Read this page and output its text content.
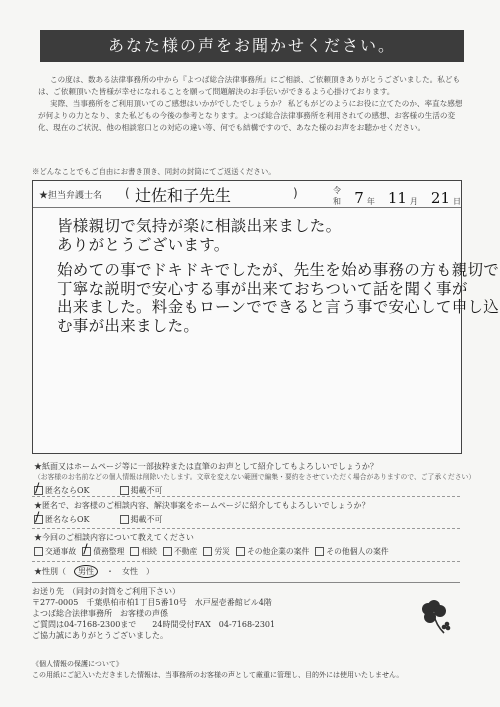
あなた様の声をお聞かせください。

この度は、数ある法律事務所の中から『よつば総合法律事務所』にご相談、ご依頼頂きありがとうございました。私どもは、ご依頼頂いた皆様が幸せになれることを願って問題解決のお手伝いができるよう心掛けております。

実際、当事務所をご利用頂いてのご感想はいかがでしたでしょうか？ 私どもがどのようにお役に立てたのか、率直な感想が何よりの力となり、また私どもの今後の参考となります。よつば総合法律事務所を利用されての感想、お客様の生活の変化、現在のご状況、他の相談窓口との対応の違い等、何でも結構ですので、あなた様のお声をお聴かせください。

※どんなことでもご自由にお書き頂き、同封の封筒にてご返送ください。
★担当弁護士名 ( 辻佐和子先生	)	令和 7 年 11 月 21 日
皆様親切で気持が楽に相談出来ました。
ありがとうございます。
始めての事でドキドキでしたが、先生を始め事務の方も親切で
丁寧な説明で安心する事が出来ておちついて話を聞く事が
出来ました。料金もローンでできると言う事で安心して申し込
む事が出来ました。
★紙面又はホームページ等に一部抜粋または直筆のお声として紹介してもよろしいでしょうか？
（お客様のお名前などの個人情報は削除いたします。文章を変えない範囲で編集・要約をさせていただく場合がありますので、ご了承ください）
/
匿名ならOK	掲載不可
★匿名で、お客様のご相談内容、解決事案をホームページに紹介してもよろしいでしょうか？
/
匿名ならOK	掲載不可
★今回のご相談内容について教えてください
交通事故
/ 債務整理 相続 不動産 労災 その他企業の案件 その他個人の案件
★性別（	男性	・ 女性 ）
お送り先　（同封の封筒をご利用下さい）
〒277-0005　千葉県柏市柏1丁目5番10号　水戸屋壱番館ビル4階
よつば総合法律事務所　お客様の声係
ご質問は04-7168-2300まで　　24時間受付FAX　04-7168-2301
ご協力誠にありがとうございました。
《個人情報の保護について》
この用紙にご記入いただきました情報は、当事務所のお客様の声として厳重に管理し、目的外には使用いたしません。
